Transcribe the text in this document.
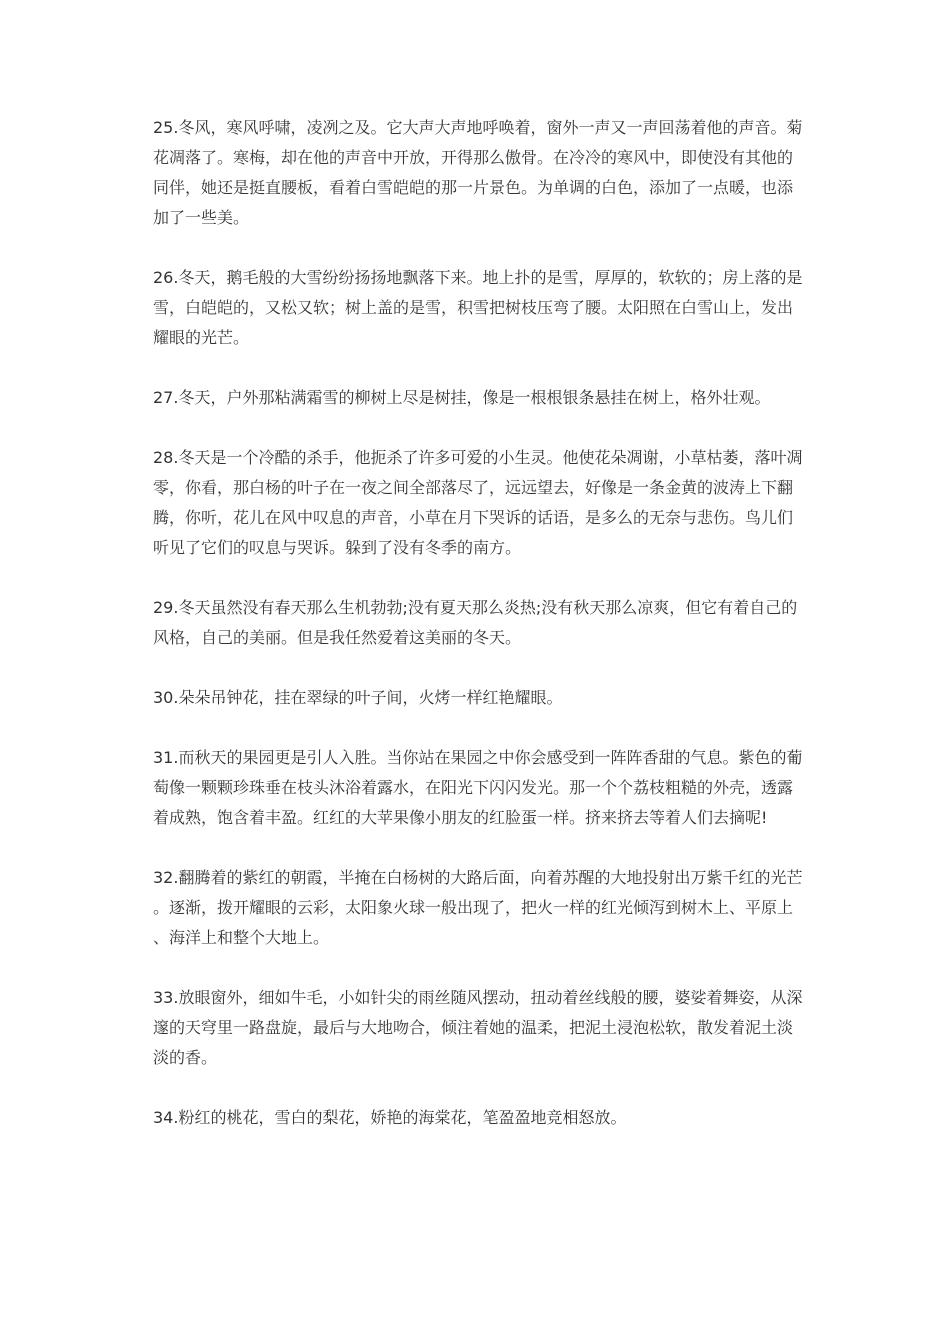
25.冬风，寒风呼啸，凌冽之及。它大声大声地呼唤着，窗外一声又一声回荡着他的声音。菊花凋落了。寒梅，却在他的声音中开放，开得那么傲骨。在冷冷的寒风中，即使没有其他的同伴，她还是挺直腰板，看着白雪皑皑的那一片景色。为单调的白色，添加了一点暖，也添加了一些美。

26.冬天，鹅毛般的大雪纷纷扬扬地飘落下来。地上扑的是雪，厚厚的，软软的；房上落的是雪，白皑皑的，又松又软；树上盖的是雪，积雪把树枝压弯了腰。太阳照在白雪山上，发出耀眼的光芒。

27.冬天，户外那粘满霜雪的柳树上尽是树挂，像是一根根银条悬挂在树上，格外壮观。

28.冬天是一个冷酷的杀手，他扼杀了许多可爱的小生灵。他使花朵凋谢，小草枯萎，落叶凋零，你看，那白杨的叶子在一夜之间全部落尽了，远远望去，好像是一条金黄的波涛上下翻腾，你听，花儿在风中叹息的声音，小草在月下哭诉的话语，是多么的无奈与悲伤。鸟儿们听见了它们的叹息与哭诉。躲到了没有冬季的南方。

29.冬天虽然没有春天那么生机勃勃;没有夏天那么炎热;没有秋天那么凉爽，但它有着自己的风格，自己的美丽。但是我任然爱着这美丽的冬天。

30.朵朵吊钟花，挂在翠绿的叶子间，火烤一样红艳耀眼。

31.而秋天的果园更是引人入胜。当你站在果园之中你会感受到一阵阵香甜的气息。紫色的葡萄像一颗颗珍珠垂在枝头沐浴着露水，在阳光下闪闪发光。那一个个荔枝粗糙的外壳，透露着成熟，饱含着丰盈。红红的大苹果像小朋友的红脸蛋一样。挤来挤去等着人们去摘呢!

32.翻腾着的紫红的朝霞，半掩在白杨树的大路后面，向着苏醒的大地投射出万紫千红的光芒。逐渐，拨开耀眼的云彩，太阳象火球一般出现了，把火一样的红光倾泻到树木上、平原上、海洋上和整个大地上。

33.放眼窗外，细如牛毛，小如针尖的雨丝随风摆动，扭动着丝线般的腰，婆娑着舞姿，从深邃的天穹里一路盘旋，最后与大地吻合，倾注着她的温柔，把泥土浸泡松软，散发着泥土淡淡的香。

34.粉红的桃花，雪白的梨花，娇艳的海棠花，笔盈盈地竞相怒放。
